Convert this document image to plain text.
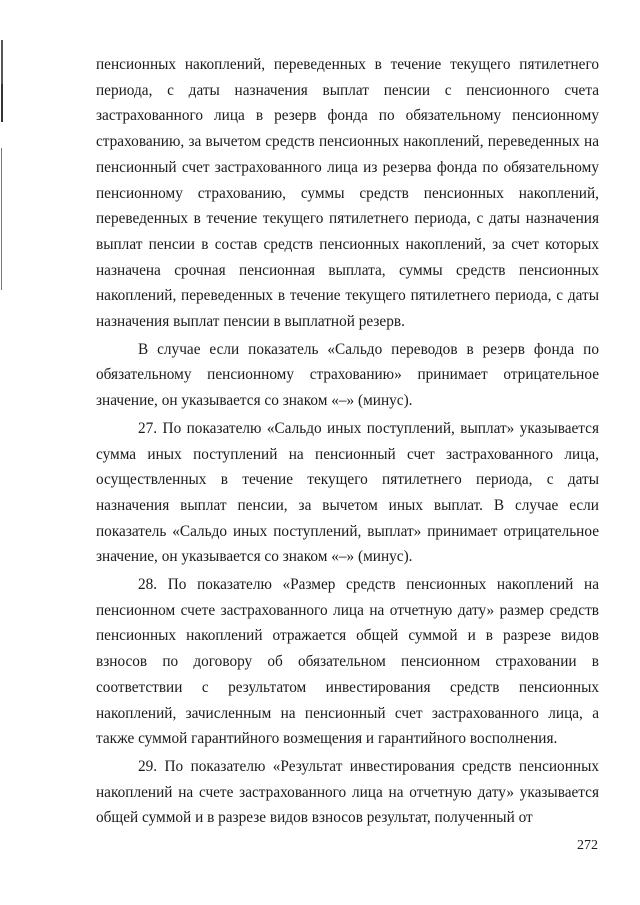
пенсионных накоплений, переведенных в течение текущего пятилетнего периода, с даты назначения выплат пенсии с пенсионного счета застрахованного лица в резерв фонда по обязательному пенсионному страхованию, за вычетом средств пенсионных накоплений, переведенных на пенсионный счет застрахованного лица из резерва фонда по обязательному пенсионному страхованию, суммы средств пенсионных накоплений, переведенных в течение текущего пятилетнего периода, с даты назначения выплат пенсии в состав средств пенсионных накоплений, за счет которых назначена срочная пенсионная выплата, суммы средств пенсионных накоплений, переведенных в течение текущего пятилетнего периода, с даты назначения выплат пенсии в выплатной резерв.

В случае если показатель «Сальдо переводов в резерв фонда по обязательному пенсионному страхованию» принимает отрицательное значение, он указывается со знаком «–» (минус).

27. По показателю «Сальдо иных поступлений, выплат» указывается сумма иных поступлений на пенсионный счет застрахованного лица, осуществленных в течение текущего пятилетнего периода, с даты назначения выплат пенсии, за вычетом иных выплат. В случае если показатель «Сальдо иных поступлений, выплат» принимает отрицательное значение, он указывается со знаком «–» (минус).

28. По показателю «Размер средств пенсионных накоплений на пенсионном счете застрахованного лица на отчетную дату» размер средств пенсионных накоплений отражается общей суммой и в разрезе видов взносов по договору об обязательном пенсионном страховании в соответствии с результатом инвестирования средств пенсионных накоплений, зачисленным на пенсионный счет застрахованного лица, а также суммой гарантийного возмещения и гарантийного восполнения.

29. По показателю «Результат инвестирования средств пенсионных накоплений на счете застрахованного лица на отчетную дату» указывается общей суммой и в разрезе видов взносов результат, полученный от

272
